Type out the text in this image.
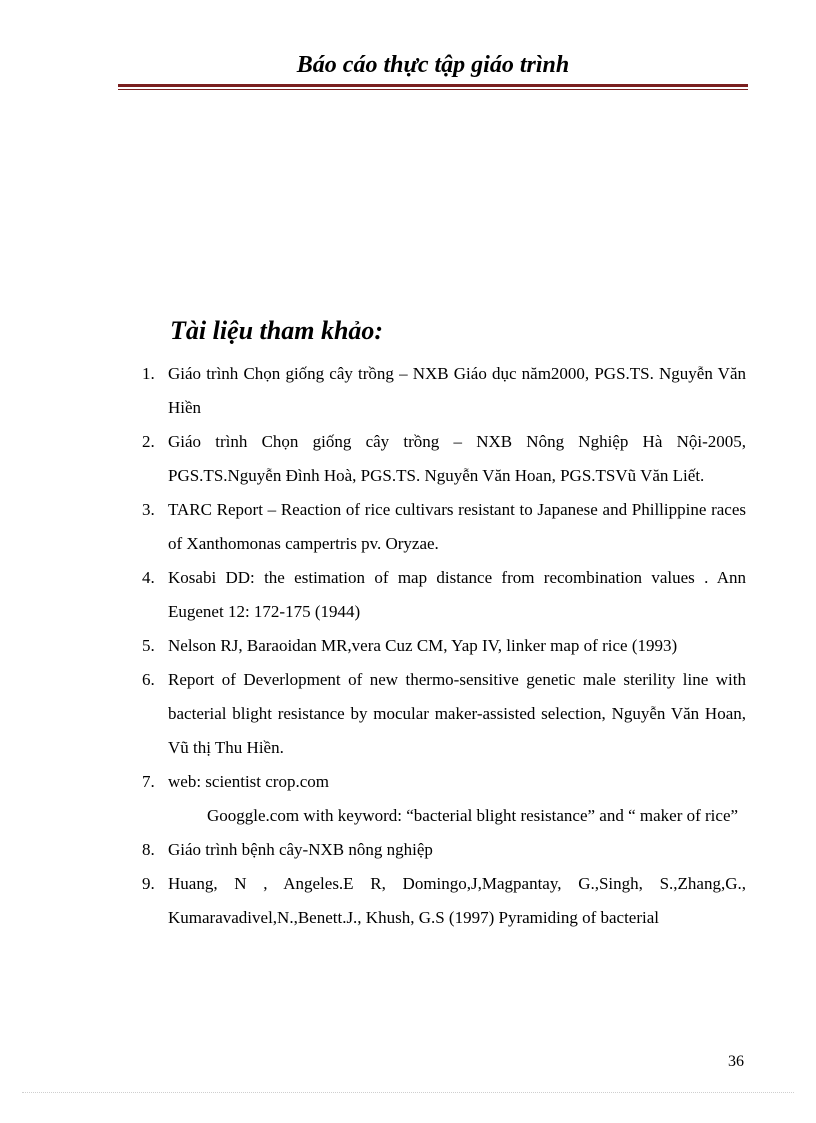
Báo cáo thực tập giáo trình
Tài liệu tham khảo:
1. Giáo trình Chọn giống cây trồng – NXB Giáo dục năm2000, PGS.TS. Nguyễn Văn Hiền
2. Giáo trình Chọn giống cây trồng – NXB Nông Nghiệp Hà Nội-2005, PGS.TS.Nguyễn Đình Hoà, PGS.TS. Nguyễn Văn Hoan, PGS.TSVũ Văn Liết.
3. TARC Report – Reaction of rice cultivars resistant to Japanese and Phillippine races of Xanthomonas campertris pv. Oryzae.
4. Kosabi DD: the estimation of map distance from recombination values . Ann Eugenet 12: 172-175 (1944)
5. Nelson RJ, Baraoidan MR,vera Cuz CM, Yap IV, linker map of rice (1993)
6. Report of Deverlopment of new thermo-sensitive genetic male sterility line with bacterial blight resistance by mocular maker-assisted selection, Nguyễn Văn Hoan, Vũ thị Thu Hiền.
7. web: scientist crop.com
Googgle.com with keyword: “bacterial blight resistance” and “ maker of rice”
8. Giáo trình bệnh cây-NXB nông nghiệp
9. Huang, N , Angeles.E R, Domingo,J,Magpantay, G.,Singh, S.,Zhang,G., Kumaravadivel,N.,Benett.J., Khush, G.S (1997) Pyramiding of bacterial
36
